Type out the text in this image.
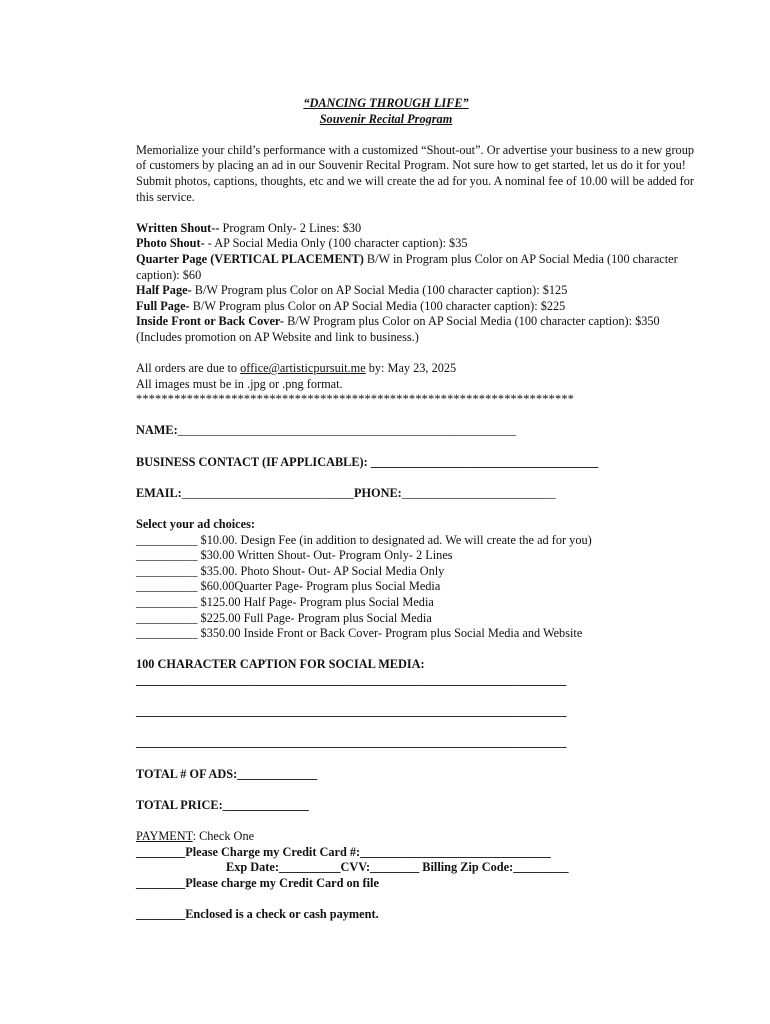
“DANCING THROUGH LIFE”
Souvenir Recital Program

Memorialize your child’s performance with a customized “Shout-out”. Or advertise your business to a new group of customers by placing an ad in our Souvenir Recital Program. Not sure how to get started, let us do it for you! Submit photos, captions, thoughts, etc and we will create the ad for you. A nominal fee of 10.00 will be added for this service.

Written Shout-- Program Only- 2 Lines: $30
Photo Shout- - AP Social Media Only (100 character caption): $35
Quarter Page (VERTICAL PLACEMENT) B/W in Program plus Color on AP Social Media (100 character caption): $60
Half Page- B/W Program plus Color on AP Social Media (100 character caption): $125
Full Page- B/W Program plus Color on AP Social Media (100 character caption): $225
Inside Front or Back Cover- B/W Program plus Color on AP Social Media (100 character caption): $350 (Includes promotion on AP Website and link to business.)
All orders are due to office@artisticpursuit.me by: May 23, 2025
All images must be in .jpg or .png format.
*********************************************************************
NAME:_______________________________________________________
BUSINESS CONTACT (IF APPLICABLE): _____________________________________
EMAIL:____________________________PHONE:_________________________
Select your ad choices:
__________ $10.00. Design Fee (in addition to designated ad. We will create the ad for you)
__________ $30.00 Written Shout- Out- Program Only- 2 Lines
__________ $35.00. Photo Shout- Out- AP Social Media Only
__________ $60.00Quarter Page- Program plus Social Media
__________ $125.00 Half Page- Program plus Social Media
__________ $225.00 Full Page- Program plus Social Media
__________ $350.00 Inside Front or Back Cover- Program plus Social Media and Website
100 CHARACTER CAPTION FOR SOCIAL MEDIA:
______________________________________________________________________
______________________________________________________________________
______________________________________________________________________
TOTAL # OF ADS:_____________
TOTAL PRICE:______________
PAYMENT: Check One
________Please Charge my Credit Card #:_______________________________
Exp Date:__________CVV:________ Billing Zip Code:_________
________Please charge my Credit Card on file
________Enclosed is a check or cash payment.
